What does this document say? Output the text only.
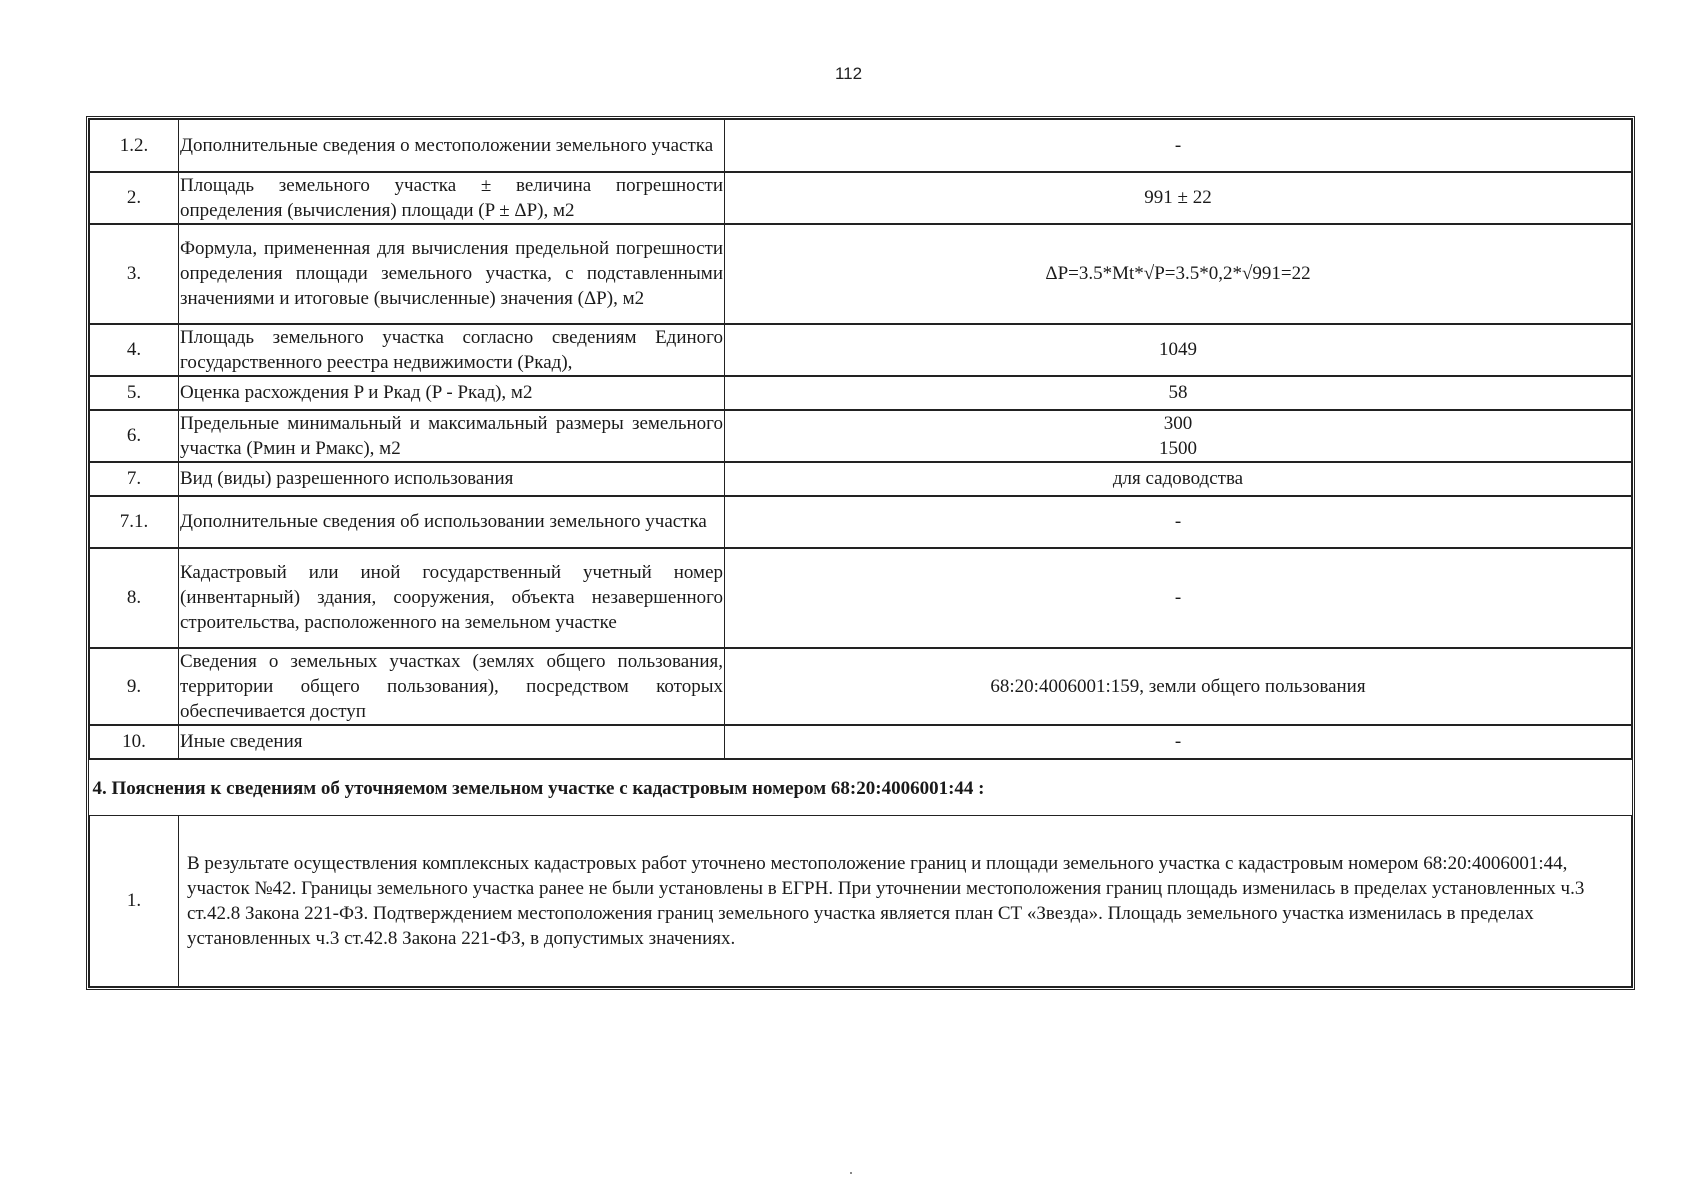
112
1.2.	Дополнительные сведения о местоположении земельного участка	-

2.	Площадь земельного участка ± величина погрешности определения (вычисления) площади (P ± ΔP), м2	991 ± 22

3.	Формула, примененная для вычисления предельной погрешности определения площади земельного участка, с подставленными значениями и итоговые (вычисленные) значения (ΔP), м2	ΔP=3.5*Mt*√P=3.5*0,2*√991=22

4.	Площадь земельного участка согласно сведениям Единого государственного реестра недвижимости (Ркад),	1049

5.	Оценка расхождения P и Ркад (P - Ркад), м2	58

6.	Предельные минимальный и максимальный размеры земельного участка (Рмин и Рмакс), м2	300
1500

7.	Вид (виды) разрешенного использования	для садоводства

7.1.	Дополнительные сведения об использовании земельного участка	-

8.	Кадастровый или иной государственный учетный номер (инвентарный) здания, сооружения, объекта незавершенного строительства, расположенного на земельном участке	-

9.	Сведения о земельных участках (землях общего пользования, территории общего пользования), посредством которых обеспечивается доступ	68:20:4006001:159, земли общего пользования

10.	Иные сведения	-

4. Пояснения к сведениям об уточняемом земельном участке с кадастровым номером 68:20:4006001:44 :		
1.	В результате осуществления комплексных кадастровых работ уточнено местоположение границ и площади земельного участка с кадастровым номером 68:20:4006001:44, участок №42. Границы земельного участка ранее не были установлены в ЕГРН. При уточнении местоположения границ площадь изменилась в пределах установленных ч.3 ст.42.8 Закона 221-ФЗ. Подтверждением местоположения границ земельного участка является план СТ «Звезда». Площадь земельного участка изменилась в пределах установленных ч.3 ст.42.8 Закона 221-ФЗ, в допустимых значениях.	
